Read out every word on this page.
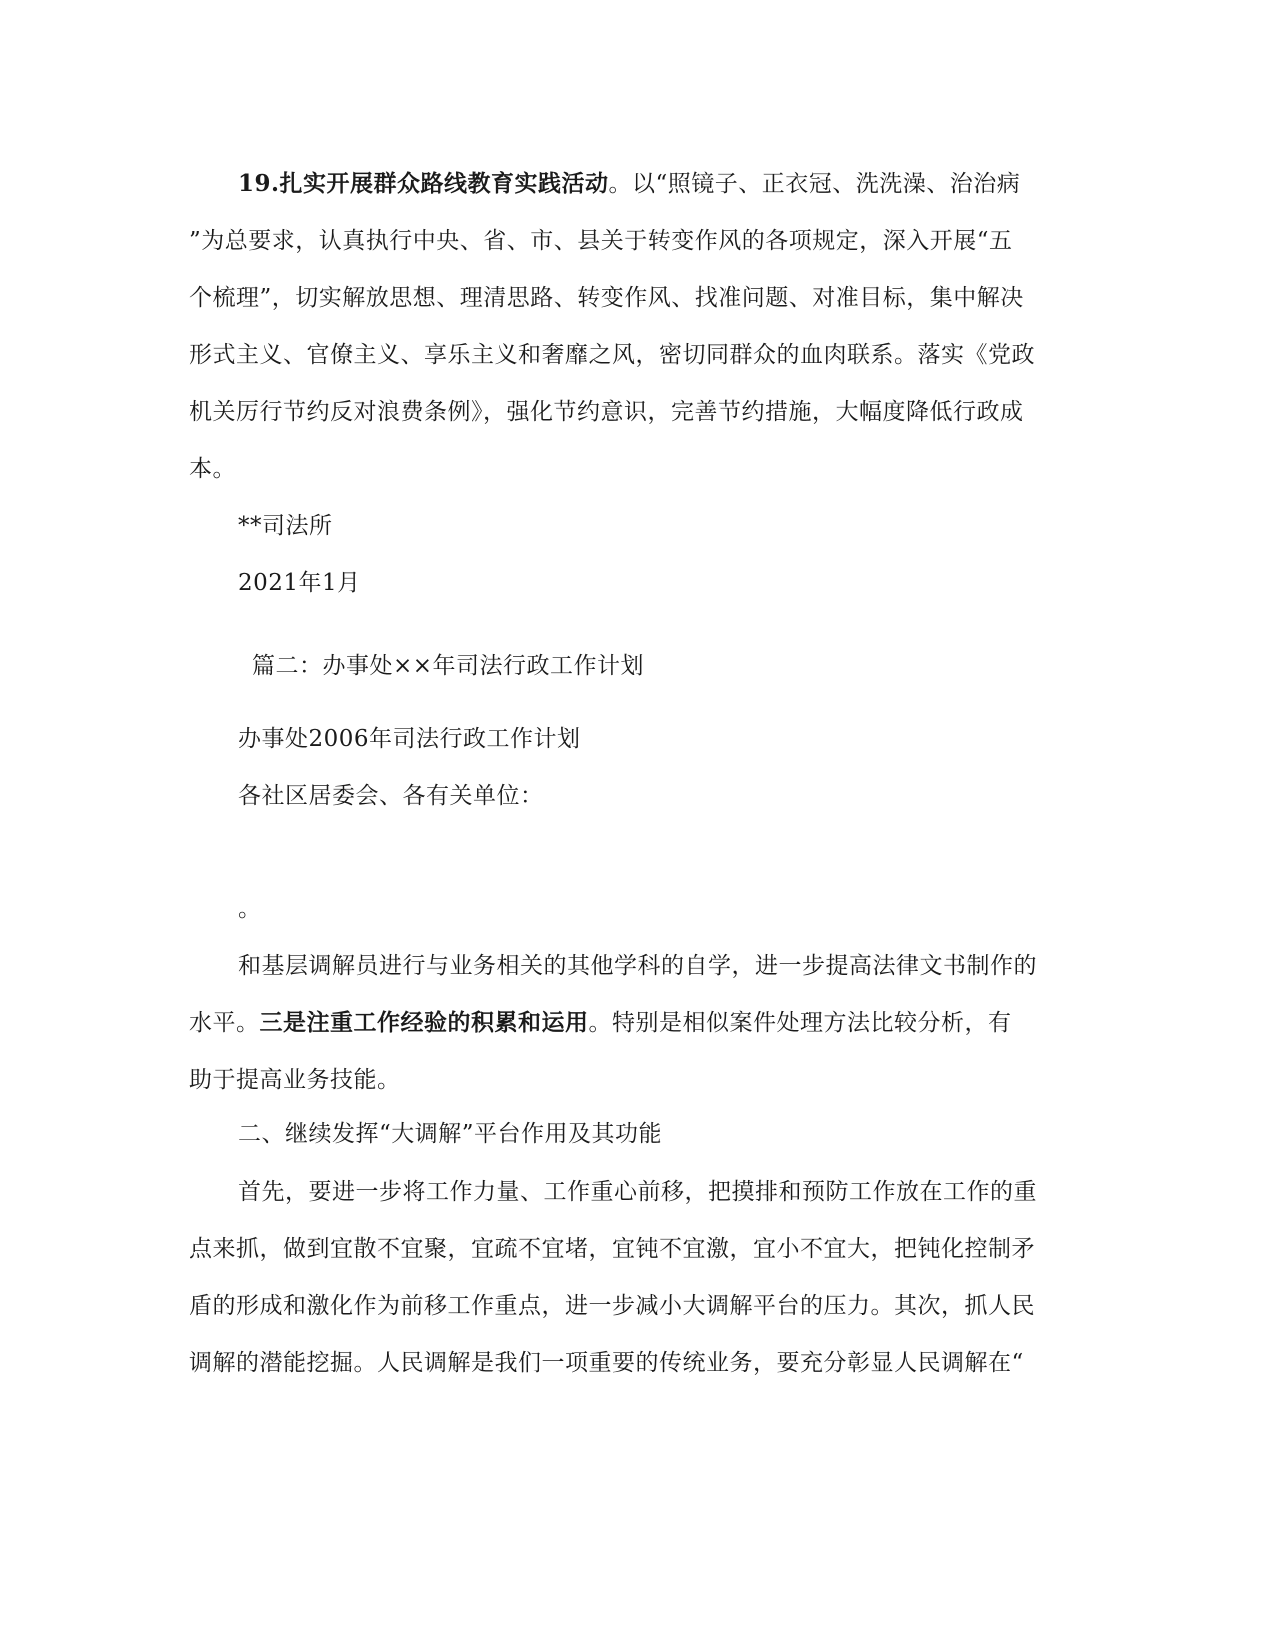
19.扎实开展群众路线教育实践活动。以“照镜子、正衣冠、洗洗澡、治治病
”为总要求，认真执行中央、省、市、县关于转变作风的各项规定，深入开展“五
个梳理”，切实解放思想、理清思路、转变作风、找准问题、对准目标，集中解决
形式主义、官僚主义、享乐主义和奢靡之风，密切同群众的血肉联系。落实《党政
机关厉行节约反对浪费条例》，强化节约意识，完善节约措施，大幅度降低行政成
本。
**司法所
2021年1月
篇二：办事处××年司法行政工作计划
办事处2006年司法行政工作计划
各社区居委会、各有关单位：
。
和基层调解员进行与业务相关的其他学科的自学，进一步提高法律文书制作的
水平。三是注重工作经验的积累和运用。特别是相似案件处理方法比较分析，有
助于提高业务技能。
二、继续发挥“大调解”平台作用及其功能
首先，要进一步将工作力量、工作重心前移，把摸排和预防工作放在工作的重
点来抓，做到宜散不宜聚，宜疏不宜堵，宜钝不宜激，宜小不宜大，把钝化控制矛
盾的形成和激化作为前移工作重点，进一步减小大调解平台的压力。其次，抓人民
调解的潜能挖掘。人民调解是我们一项重要的传统业务，要充分彰显人民调解在“
